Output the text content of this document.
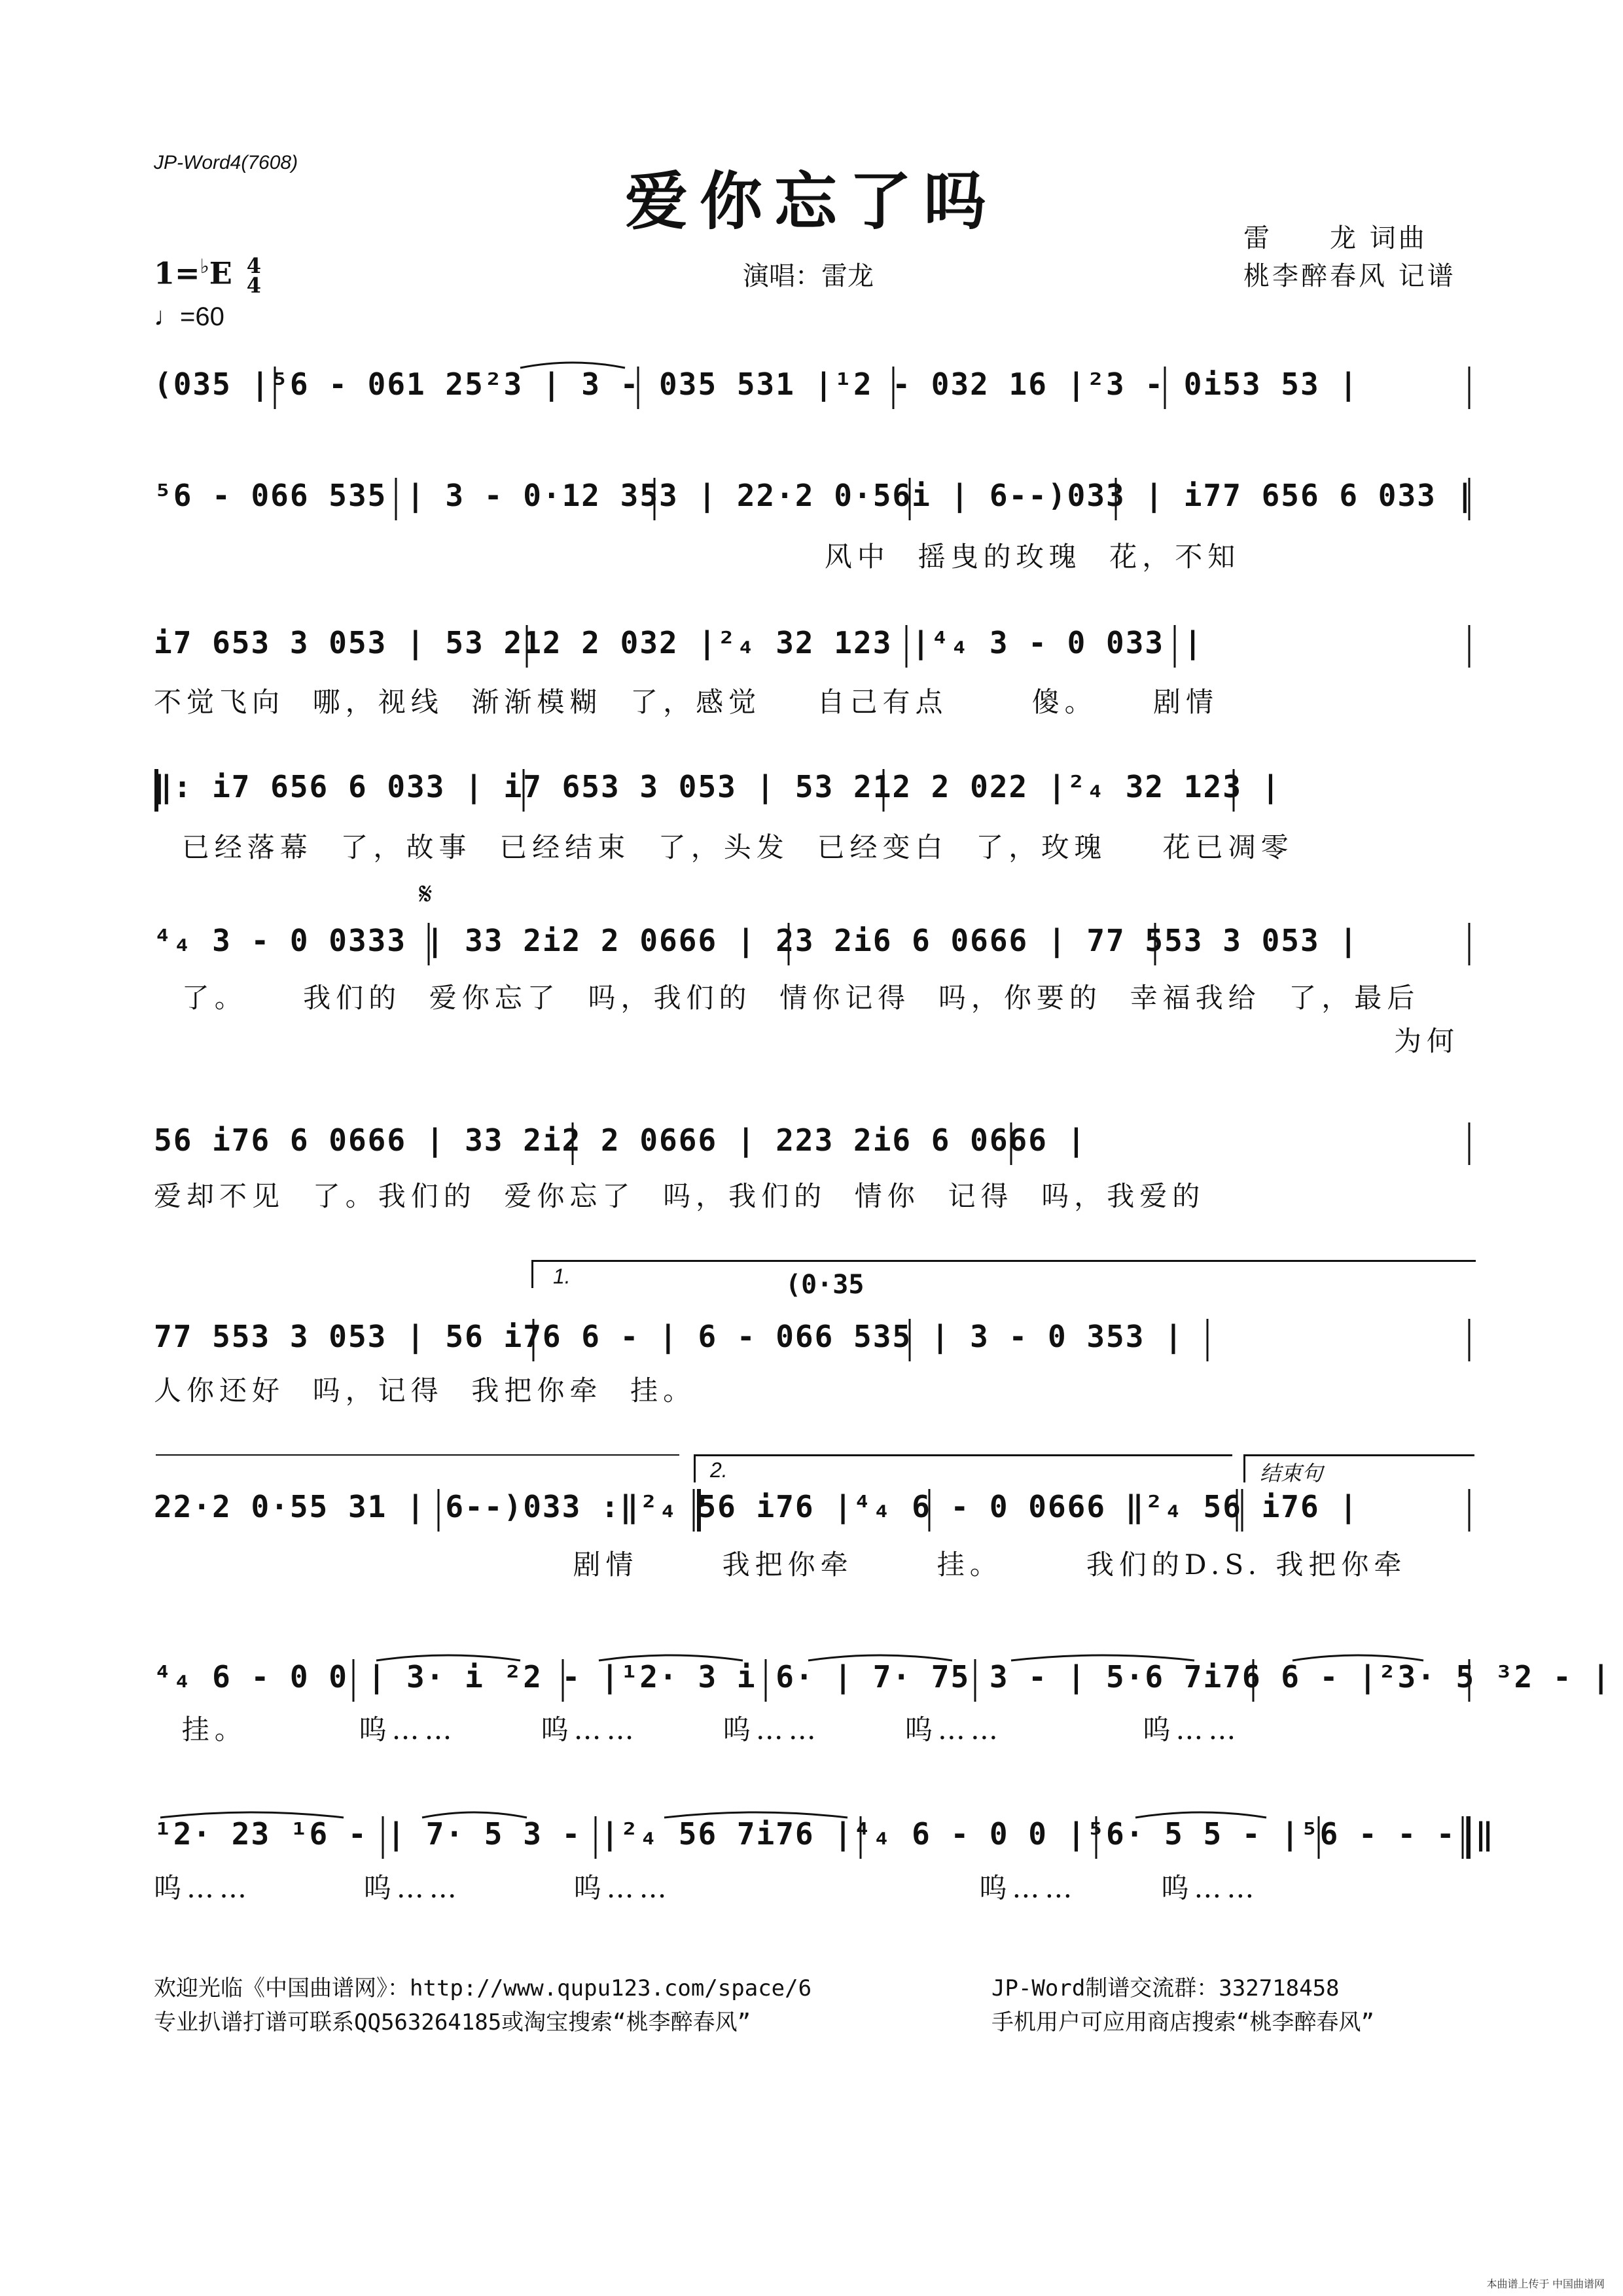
JP-Word4(7608)
爱你忘了吗
1=♭E 4
4
♩=60
演唱：雷龙
雷　　龙 词曲
桃李醉春风 记谱
(035 |⁵6 - 061 25²3 | 3 - 035 531 |¹2 - 032 16 |²3 - 0i53 53 |
⁵6 - 066 535 | 3 - 0·12 353 | 22·2 0·56i | 6--)033 | i77 656 6 033 |
风中  摇曳的玫瑰  花，不知
i7 653 3 053 | 53 212 2 032 |²₄ 32 123 |⁴₄ 3 - 0 033 |
不觉飞向  哪，视线  渐渐模糊  了，感觉    自己有点      傻。    剧情
‖: i7 656 6 033 | i7 653 3 053 | 53 212 2 022 |²₄ 32 123 |
已经落幕  了，故事  已经结束  了，头发  已经变白  了，玫瑰    花已凋零
𝄋
⁴₄ 3 - 0 0333 | 33 2i2 2 0666 | 23 2i6 6 0666 | 77 553 3 053 |
了。    我们的  爱你忘了  吗，我们的  情你记得  吗，你要的  幸福我给  了，最后
为何
56 i76 6 0666 | 33 2i2 2 0666 | 223 2i6 6 0666 |
爱却不见  了。我们的  爱你忘了  吗，我们的  情你  记得  吗，我爱的
1.	(0·35
77 553 3 053 | 56 i76 6 - | 6 - 066 535 | 3 - 0 353 |
人你还好  吗，记得  我把你牵  挂。
2.	结束句
22·2 0·55 31 | 6--)033 :‖²₄ 56 i76 |⁴₄ 6 - 0 0666 ‖²₄ 56 i76 |
剧情      我把你牵      挂。      我们的D.S. 我把你牵
⁴₄ 6 - 0 0 | 3· i ²2 - |¹2· 3 i 6· | 7· 75 3 - | 5·6 7i76 6 - |²3· 5 ³2 - |
挂。        呜……      呜……      呜……      呜……          呜……
¹2· 23 ¹6 - | 7· 5 3 - |²₄ 56 7i76 |⁴₄ 6 - 0 0 |⁵6· 5 5 - |⁵6 - - - ‖
呜……        呜……        呜……                      呜……      呜……
欢迎光临《中国曲谱网》：http://www.qupu123.com/space/6
专业扒谱打谱可联系QQ563264185或淘宝搜索“桃李醉春风”
JP-Word制谱交流群：332718458
手机用户可应用商店搜索“桃李醉春风”
本曲谱上传于 中国曲谱网
